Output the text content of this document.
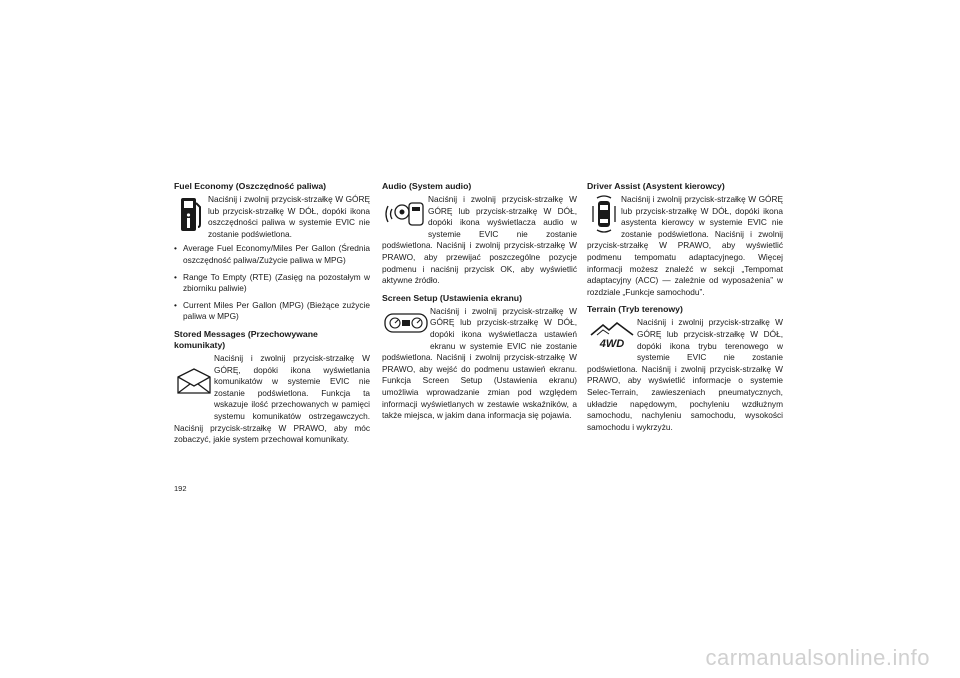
Fuel Economy (Oszczędność paliwa)

Naciśnij i zwolnij przycisk-strzałkę W GÓRĘ lub przycisk-strzałkę W DÓŁ, dopóki ikona oszczędności paliwa w systemie EVIC nie zostanie podświetlona.

• Average Fuel Economy/Miles Per Gallon (Średnia oszczędność paliwa/Zużycie paliwa w MPG)
• Range To Empty (RTE) (Zasięg na pozostałym w zbiorniku paliwie)
• Current Miles Per Gallon (MPG) (Bieżące zużycie paliwa w MPG)
Stored Messages (Przechowywane komunikaty)

Naciśnij i zwolnij przycisk-strzałkę W GÓRĘ, dopóki ikona wyświetlania komunikatów w systemie EVIC nie zostanie podświetlona. Funkcja ta wskazuje ilość przechowanych w pamięci systemu komunikatów ostrzegawczych. Naciśnij przycisk-strzałkę W PRAWO, aby móc zobaczyć, jakie system przechował komunikaty.

Audio (System audio)

Naciśnij i zwolnij przycisk-strzałkę W GÓRĘ lub przycisk-strzałkę W DÓŁ, dopóki ikona wyświetlacza audio w systemie EVIC nie zostanie podświetlona. Naciśnij i zwolnij przycisk-strzałkę W PRAWO, aby przewijać poszczególne pozycje podmenu i naciśnij przycisk OK, aby wyświetlić aktywne źródło.

Screen Setup (Ustawienia ekranu)

Naciśnij i zwolnij przycisk-strzałkę W GÓRĘ lub przycisk-strzałkę W DÓŁ, dopóki ikona wyświetlacza ustawień ekranu w systemie EVIC nie zostanie podświetlona. Naciśnij i zwolnij przycisk-strzałkę W PRAWO, aby wejść do podmenu ustawień ekranu. Funkcja Screen Setup (Ustawienia ekranu) umożliwia wprowadzanie zmian pod względem informacji wyświetlanych w zestawie wskaźników, a także miejsca, w jakim dana informacja się pojawia.

Driver Assist (Asystent kierowcy)

Naciśnij i zwolnij przycisk-strzałkę W GÓRĘ lub przycisk-strzałkę W DÓŁ, dopóki ikona asystenta kierowcy w systemie EVIC nie zostanie podświetlona. Naciśnij i zwolnij przycisk-strzałkę W PRAWO, aby wyświetlić podmenu tempomatu adaptacyjnego. Więcej informacji możesz znaleźć w sekcji „Tempomat adaptacyjny (ACC) — zależnie od wyposażenia” w rozdziale „Funkcje samochodu”.

Terrain (Tryb terenowy)
4WD

Naciśnij i zwolnij przycisk-strzałkę W GÓRĘ lub przycisk-strzałkę W DÓŁ, dopóki ikona trybu terenowego w systemie EVIC nie zostanie podświetlona. Naciśnij i zwolnij przycisk-strzałkę W PRAWO, aby wyświetlić informacje o systemie Selec-Terrain, zawieszeniach pneumatycznych, układzie napędowym, pochyleniu wzdłużnym samochodu, nachyleniu samochodu, wysokości samochodu i wykrzyżu.

192
carmanualsonline.info
